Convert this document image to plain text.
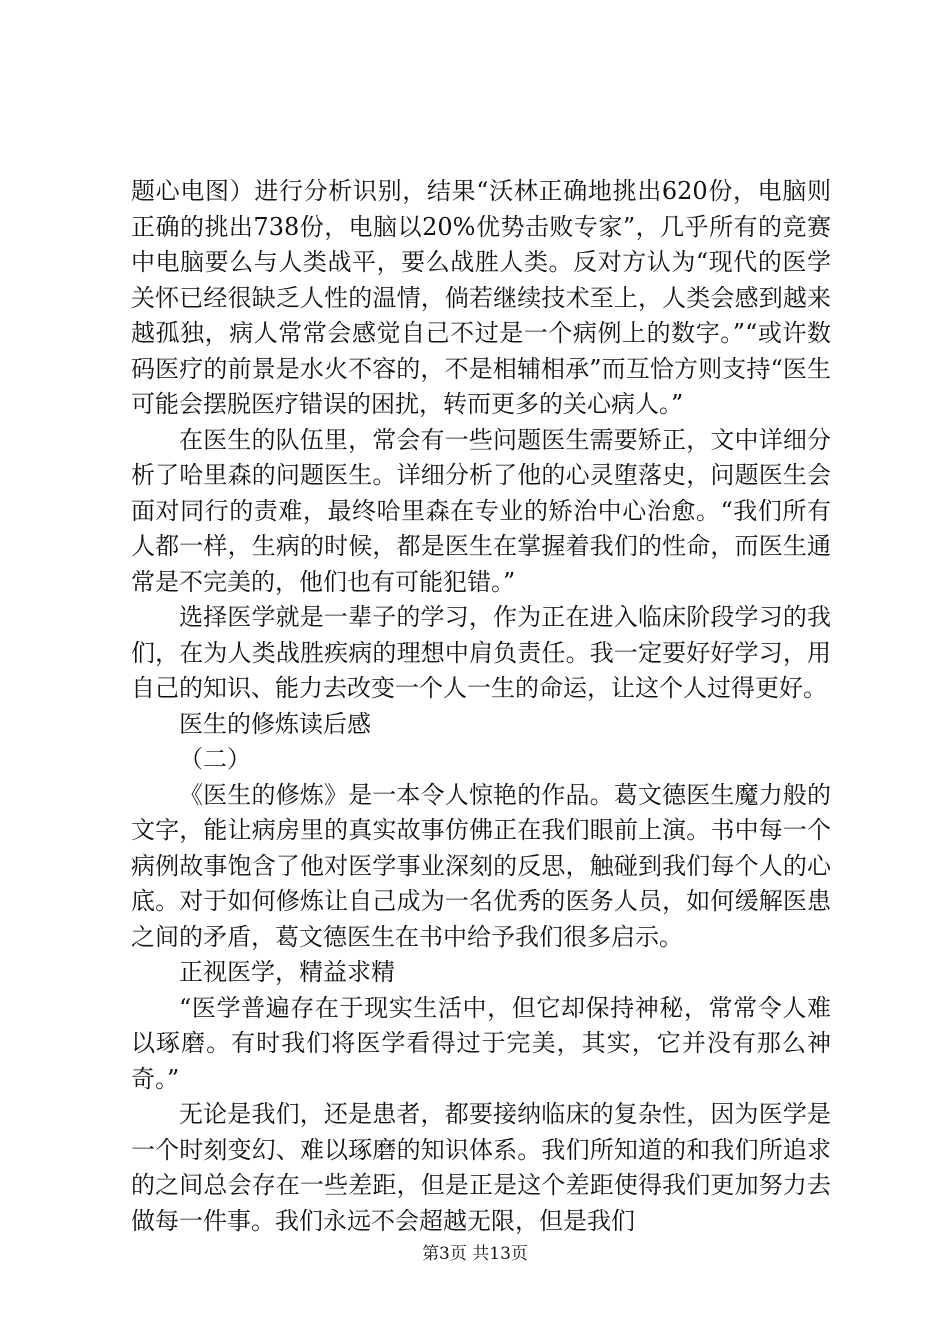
题心电图）进行分析识别，结果“沃林正确地挑出620份，电脑则正确的挑出738份，电脑以20%优势击败专家”，几乎所有的竞赛中电脑要么与人类战平，要么战胜人类。反对方认为“现代的医学关怀已经很缺乏人性的温情，倘若继续技术至上，人类会感到越来越孤独，病人常常会感觉自己不过是一个病例上的数字。”“或许数码医疗的前景是水火不容的，不是相辅相承”而互恰方则支持“医生可能会摆脱医疗错误的困扰，转而更多的关心病人。”

在医生的队伍里，常会有一些问题医生需要矫正，文中详细分析了哈里森的问题医生。详细分析了他的心灵堕落史，问题医生会面对同行的责难，最终哈里森在专业的矫治中心治愈。“我们所有人都一样，生病的时候，都是医生在掌握着我们的性命，而医生通常是不完美的，他们也有可能犯错。”

选择医学就是一辈子的学习，作为正在进入临床阶段学习的我们，在为人类战胜疾病的理想中肩负责任。我一定要好好学习，用自己的知识、能力去改变一个人一生的命运，让这个人过得更好。

医生的修炼读后感

（二）

《医生的修炼》是一本令人惊艳的作品。葛文德医生魔力般的文字，能让病房里的真实故事仿佛正在我们眼前上演。书中每一个病例故事饱含了他对医学事业深刻的反思，触碰到我们每个人的心底。对于如何修炼让自己成为一名优秀的医务人员，如何缓解医患之间的矛盾，葛文德医生在书中给予我们很多启示。

正视医学，精益求精

“医学普遍存在于现实生活中，但它却保持神秘，常常令人难以琢磨。有时我们将医学看得过于完美，其实，它并没有那么神奇。”

无论是我们，还是患者，都要接纳临床的复杂性，因为医学是一个时刻变幻、难以琢磨的知识体系。我们所知道的和我们所追求的之间总会存在一些差距，但是正是这个差距使得我们更加努力去做每一件事。我们永远不会超越无限，但是我们

第3页 共13页
